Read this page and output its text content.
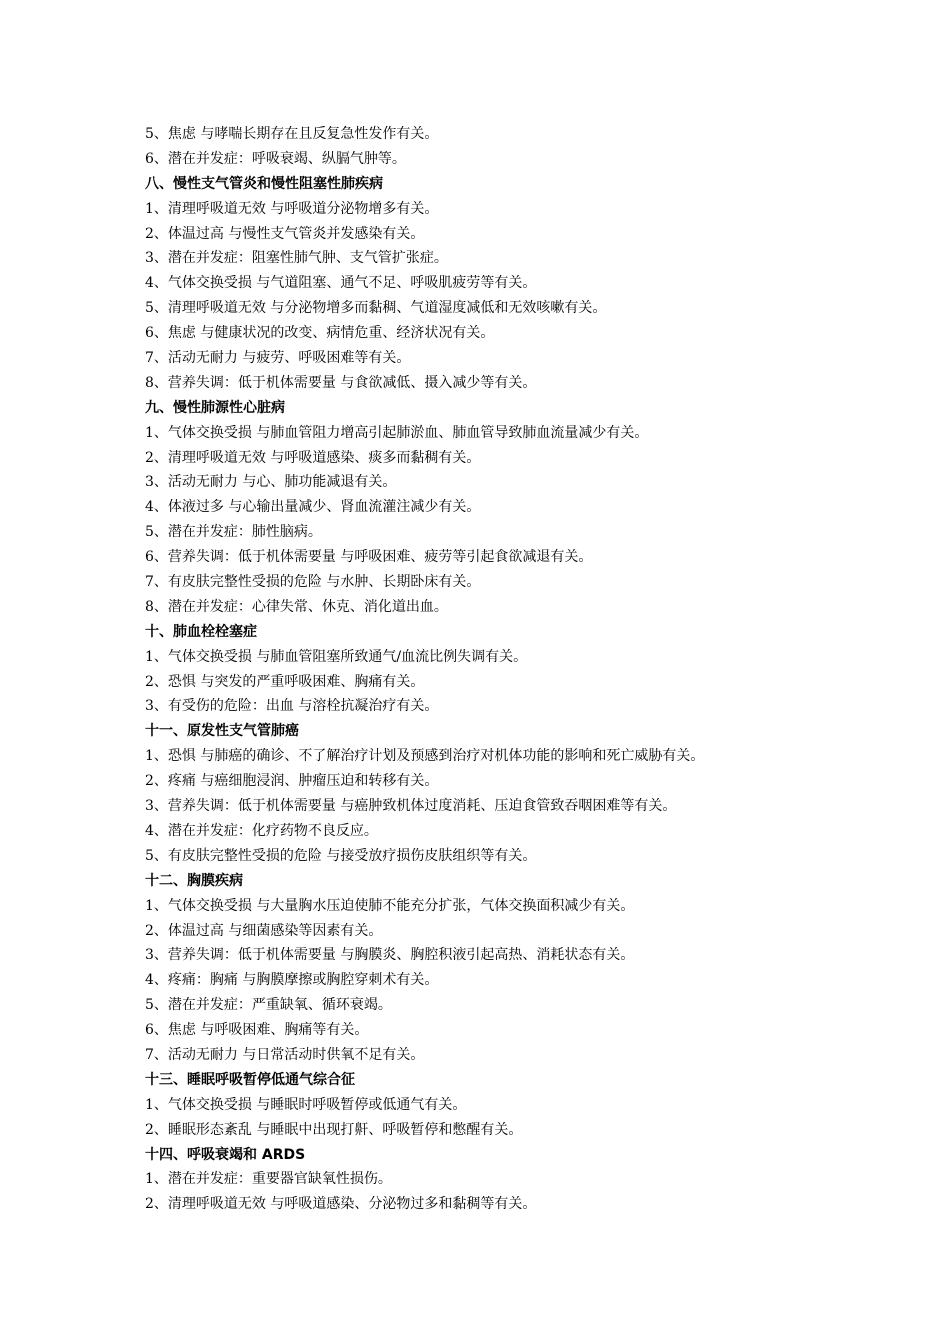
5、焦虑 与哮喘长期存在且反复急性发作有关。
6、潜在并发症：呼吸衰竭、纵膈气肿等。
八、慢性支气管炎和慢性阻塞性肺疾病
1、清理呼吸道无效 与呼吸道分泌物增多有关。
2、体温过高 与慢性支气管炎并发感染有关。
3、潜在并发症：阻塞性肺气肿、支气管扩张症。
4、气体交换受损 与气道阻塞、通气不足、呼吸肌疲劳等有关。
5、清理呼吸道无效 与分泌物增多而黏稠、气道湿度减低和无效咳嗽有关。
6、焦虑 与健康状况的改变、病情危重、经济状况有关。
7、活动无耐力 与疲劳、呼吸困难等有关。
8、营养失调：低于机体需要量 与食欲减低、摄入减少等有关。
九、慢性肺源性心脏病
1、气体交换受损 与肺血管阻力增高引起肺淤血、肺血管导致肺血流量减少有关。
2、清理呼吸道无效 与呼吸道感染、痰多而黏稠有关。
3、活动无耐力 与心、肺功能减退有关。
4、体液过多 与心输出量减少、肾血流灌注减少有关。
5、潜在并发症：肺性脑病。
6、营养失调：低于机体需要量 与呼吸困难、疲劳等引起食欲减退有关。
7、有皮肤完整性受损的危险 与水肿、长期卧床有关。
8、潜在并发症：心律失常、休克、消化道出血。
十、肺血栓栓塞症
1、气体交换受损 与肺血管阻塞所致通气/血流比例失调有关。
2、恐惧 与突发的严重呼吸困难、胸痛有关。
3、有受伤的危险：出血 与溶栓抗凝治疗有关。
十一、原发性支气管肺癌
1、恐惧 与肺癌的确诊、不了解治疗计划及预感到治疗对机体功能的影响和死亡威胁有关。
2、疼痛 与癌细胞浸润、肿瘤压迫和转移有关。
3、营养失调：低于机体需要量 与癌肿致机体过度消耗、压迫食管致吞咽困难等有关。
4、潜在并发症：化疗药物不良反应。
5、有皮肤完整性受损的危险 与接受放疗损伤皮肤组织等有关。
十二、胸膜疾病
1、气体交换受损 与大量胸水压迫使肺不能充分扩张，气体交换面积减少有关。
2、体温过高 与细菌感染等因素有关。
3、营养失调：低于机体需要量 与胸膜炎、胸腔积液引起高热、消耗状态有关。
4、疼痛：胸痛 与胸膜摩擦或胸腔穿刺术有关。
5、潜在并发症：严重缺氧、循环衰竭。
6、焦虑 与呼吸困难、胸痛等有关。
7、活动无耐力 与日常活动时供氧不足有关。
十三、睡眠呼吸暂停低通气综合征
1、气体交换受损 与睡眠时呼吸暂停或低通气有关。
2、睡眠形态紊乱 与睡眠中出现打鼾、呼吸暂停和憋醒有关。
十四、呼吸衰竭和 ARDS
1、潜在并发症：重要器官缺氧性损伤。
2、清理呼吸道无效 与呼吸道感染、分泌物过多和黏稠等有关。
